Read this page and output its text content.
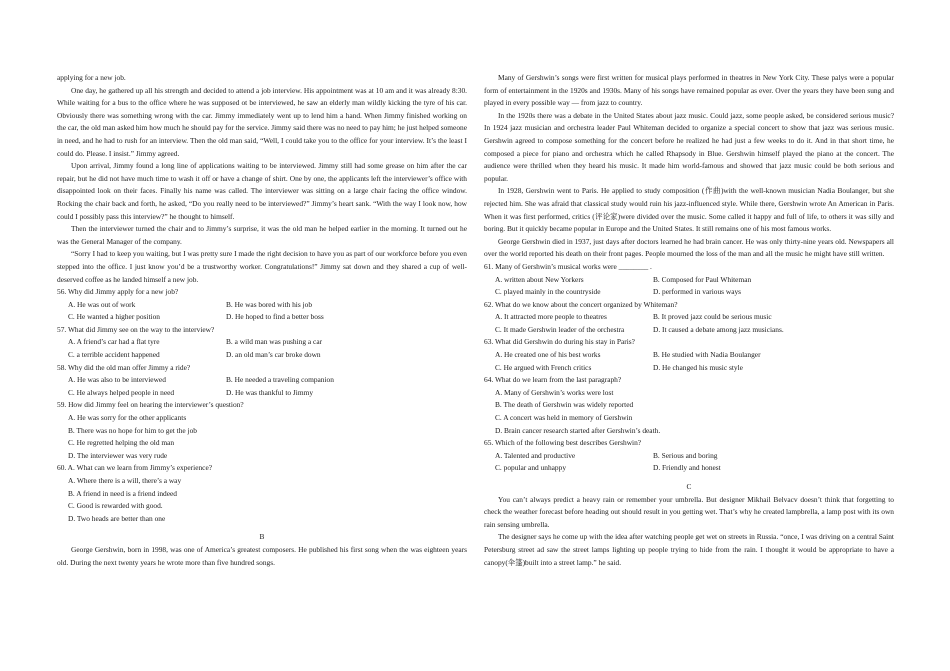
applying for a new job.

One day, he gathered up all his strength and decided to attend a job interview. His appointment was at 10 am and it was already 8:30. While waiting for a bus to the office where he was supposed ot be interviewed, he saw an elderly man wildly kicking the tyre of his car. Obviously there was something wrong with the car. Jimmy immediately went up to lend him a hand. When Jimmy finished working on the car, the old man asked him how much he should pay for the service. Jimmy said there was no need to pay him; he just helped someone in need, and he had to rush for an interview. Then the old man said, “Well, I could take you to the office for your interview. It’s the least I could do. Please. I insist.” Jimmy agreed.

Upon arrival, Jimmy found a long line of applications waiting to be interviewed. Jimmy still had some grease on him after the car repair, but he did not have much time to wash it off or have a change of shirt. One by one, the applicants left the interviewer’s office with disappointed look on their faces. Finally his name was called. The interviewer was sitting on a large chair facing the office window. Rocking the chair back and forth, he asked, “Do you really need to be interviewed?” Jimmy’s heart sank. “With the way I look now, how could I possibly pass this interview?” he thought to himself.

Then the interviewer turned the chair and to Jimmy’s surprise, it was the old man he helped earlier in the morning. It turned out he was the General Manager of the company.

“Sorry I had to keep you waiting, but I was pretty sure I made the right decision to have you as part of our workforce before you even stepped into the office. I just know you’d be a trustworthy worker. Congratulations!” Jimmy sat down and they shared a cup of well-deserved coffee as he landed himself a new job.

56. Why did Jimmy apply for a new job?

A. He was out of work	B. He was bored with his job
C. He wanted a higher position	D. He hoped to find a better boss

57. What did Jimmy see on the way to the interview?

A. A friend’s car had a flat tyre	B. a wild man was pushing a car
C. a terrible accident happened	D. an old man’s car broke down

58. Why did the old man offer Jimmy a ride?

A. He was also to be interviewed	B. He needed a traveling companion
C. He always helped people in need	D. He was thankful to Jimmy

59. How did Jimmy feel on hearing the interviewer’s question?

A. He was sorry for the other applicants
B. There was no hope for him to get the job
C. He regretted helping the old man
D. The interviewer was very rude

60. A. What can we learn from Jimmy’s experience?

A. Where there is a will, there’s a way
B. A friend in need is a friend indeed
C. Good is rewarded with good.
D. Two heads are better than one

B

George Gershwin, born in 1998, was one of America’s greatest composers. He published his first song when the was eighteen years old. During the next twenty years he wrote more than five hundred songs.

Many of Gershwin’s songs were first written for musical plays performed in theatres in New York City. These palys were a popular form of entertainment in the 1920s and 1930s. Many of his songs have remained popular as ever. Over the years they have been sung and played in every possible way — from jazz to country.

In the 1920s there was a debate in the United States about jazz music. Could jazz, some people asked, be considered serious music? In 1924 jazz musician and orchestra leader Paul Whiteman decided to organize a special concert to show that jazz was serious music. Gershwin agreed to compose something for the concert before he realized he had just a few weeks to do it. And in that short time, he composed a piece for piano and orchestra which he called Rhapsody in Blue. Gershwin himself played the piano at the concert. The audience were thrilled when they heard his music. It made him world-famous and showed that jazz music could be both serious and popular.

In 1928, Gershwin went to Paris. He applied to study composition (作曲)with the well-known musician Nadia Boulanger, but she rejected him. She was afraid that classical study would ruin his jazz-influenced style. While there, Gershwin wrote An American in Paris. When it was first performed, critics (评论家)were divided over the music. Some called it happy and full of life, to others it was silly and boring. But it quickly became popular in Europe and the United States. It still remains one of his most famous works.

George Gershwin died in 1937, just days after doctors learned he had brain cancer. He was only thirty-nine years old. Newspapers all over the world reported his death on their front pages. People mourned the loss of the man and all the music he might have still written.

61. Many of Gershwin’s musical works were ________ .

A. written about New Yorkers	B. Composed for Paul Whiteman
C. played mainly in the countryside	D. performed in various ways

62. What do we know about the concert organized by Whiteman?

A. It attracted more people to theatres	B. It proved jazz could be serious music
C. It made Gershwin leader of the orchestra	D. It caused a debate among jazz musicians.

63. What did Gershwin do during his stay in Paris?

A. He created one of his best works	B. He studied with Nadia Boulanger
C. He argued with French critics	D. He changed his music style

64. What do we learn from the last paragraph?

A. Many of Gershwin’s works were lost
B. The death of Gershwin was widely reported
C. A concert was held in memory of Gershwin
D. Brain cancer research started after Gershwin’s death.

65. Which of the following best describes Gershwin?

A. Talented and productive	B. Serious and boring
C. popular and unhappy	D. Friendly and honest

C

You can’t always predict a heavy rain or remember your umbrella. But designer Mikhail Belvacv doesn’t think that forgetting to check the weather forecast before heading out should result in you getting wet. That’s why he created lampbrella, a lamp post with its own rain sensing umbrella.

The designer says he come up with the idea after watching people get wet on streets in Russia. “once, I was driving on a central Saint Petersburg street ad saw the street lamps lighting up people trying to hide from the rain. I thought it would be appropriate to have a canopy(伞篷)built into a street lamp.” he said.
